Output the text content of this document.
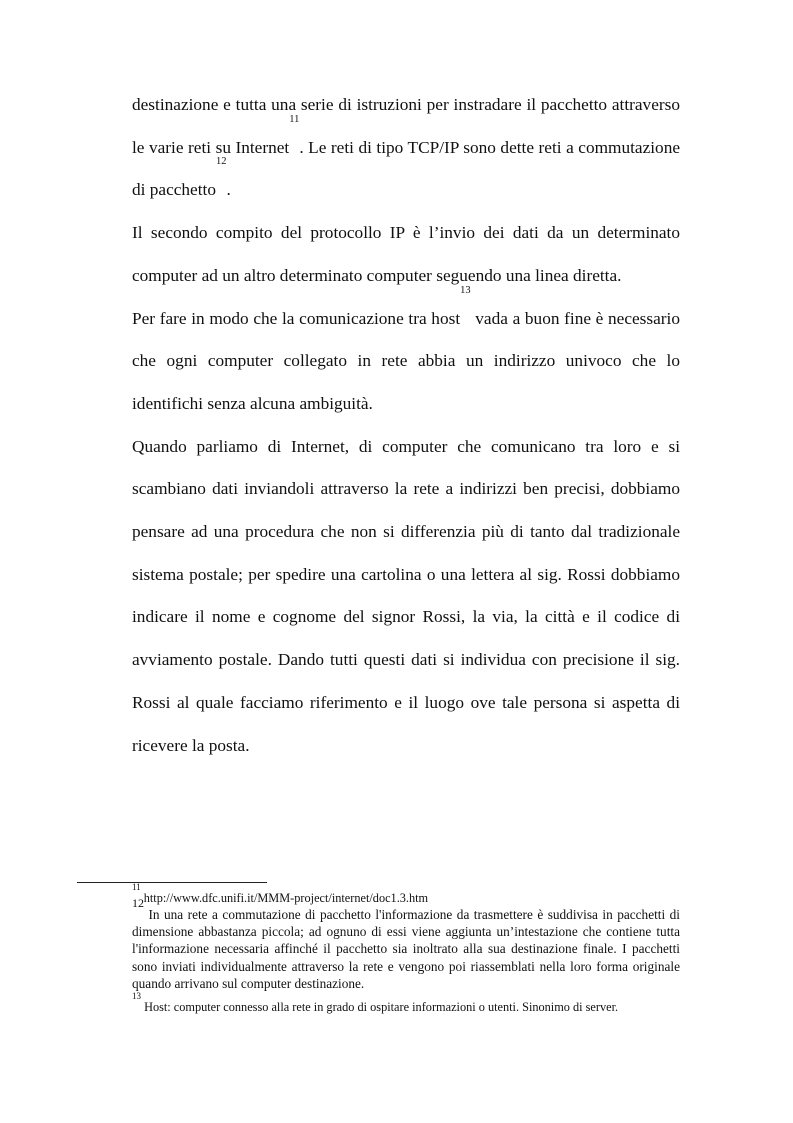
destinazione e tutta una serie di istruzioni per instradare il pacchetto attraverso le varie reti su Internet$^{11}$. Le reti di tipo TCP/IP sono dette reti a commutazione di pacchetto$^{12}$.

Il secondo compito del protocollo IP è l’invio dei dati da un determinato computer ad un altro determinato computer seguendo una linea diretta.

Per fare in modo che la comunicazione tra host$^{13}$ vada a buon fine è necessario che ogni computer collegato in rete abbia un indirizzo univoco che lo identifichi senza alcuna ambiguità.

Quando parliamo di Internet, di computer che comunicano tra loro e si scambiano dati inviandoli attraverso la rete a indirizzi ben precisi, dobbiamo pensare ad una procedura che non si differenzia più di tanto dal tradizionale sistema postale; per spedire una cartolina o una lettera al sig. Rossi dobbiamo indicare il nome e cognome del signor Rossi, la via, la città e il codice di avviamento postale. Dando tutti questi dati si individua con precisione il sig. Rossi al quale facciamo riferimento e il luogo ove tale persona si aspetta di ricevere la posta.

$^{11}$ http://www.dfc.unifi.it/MMM-project/internet/doc1.3.htm

12 In una rete a commutazione di pacchetto l'informazione da trasmettere è suddivisa in pacchetti di dimensione abbastanza piccola; ad ognuno di essi viene aggiunta un’intestazione che contiene tutta l'informazione necessaria affinché il pacchetto sia inoltrato alla sua destinazione finale. I pacchetti sono inviati individualmente attraverso la rete e vengono poi riassemblati nella loro forma originale quando arrivano sul computer destinazione.

$^{13}$ Host: computer connesso alla rete in grado di ospitare informazioni o utenti. Sinonimo di server.
